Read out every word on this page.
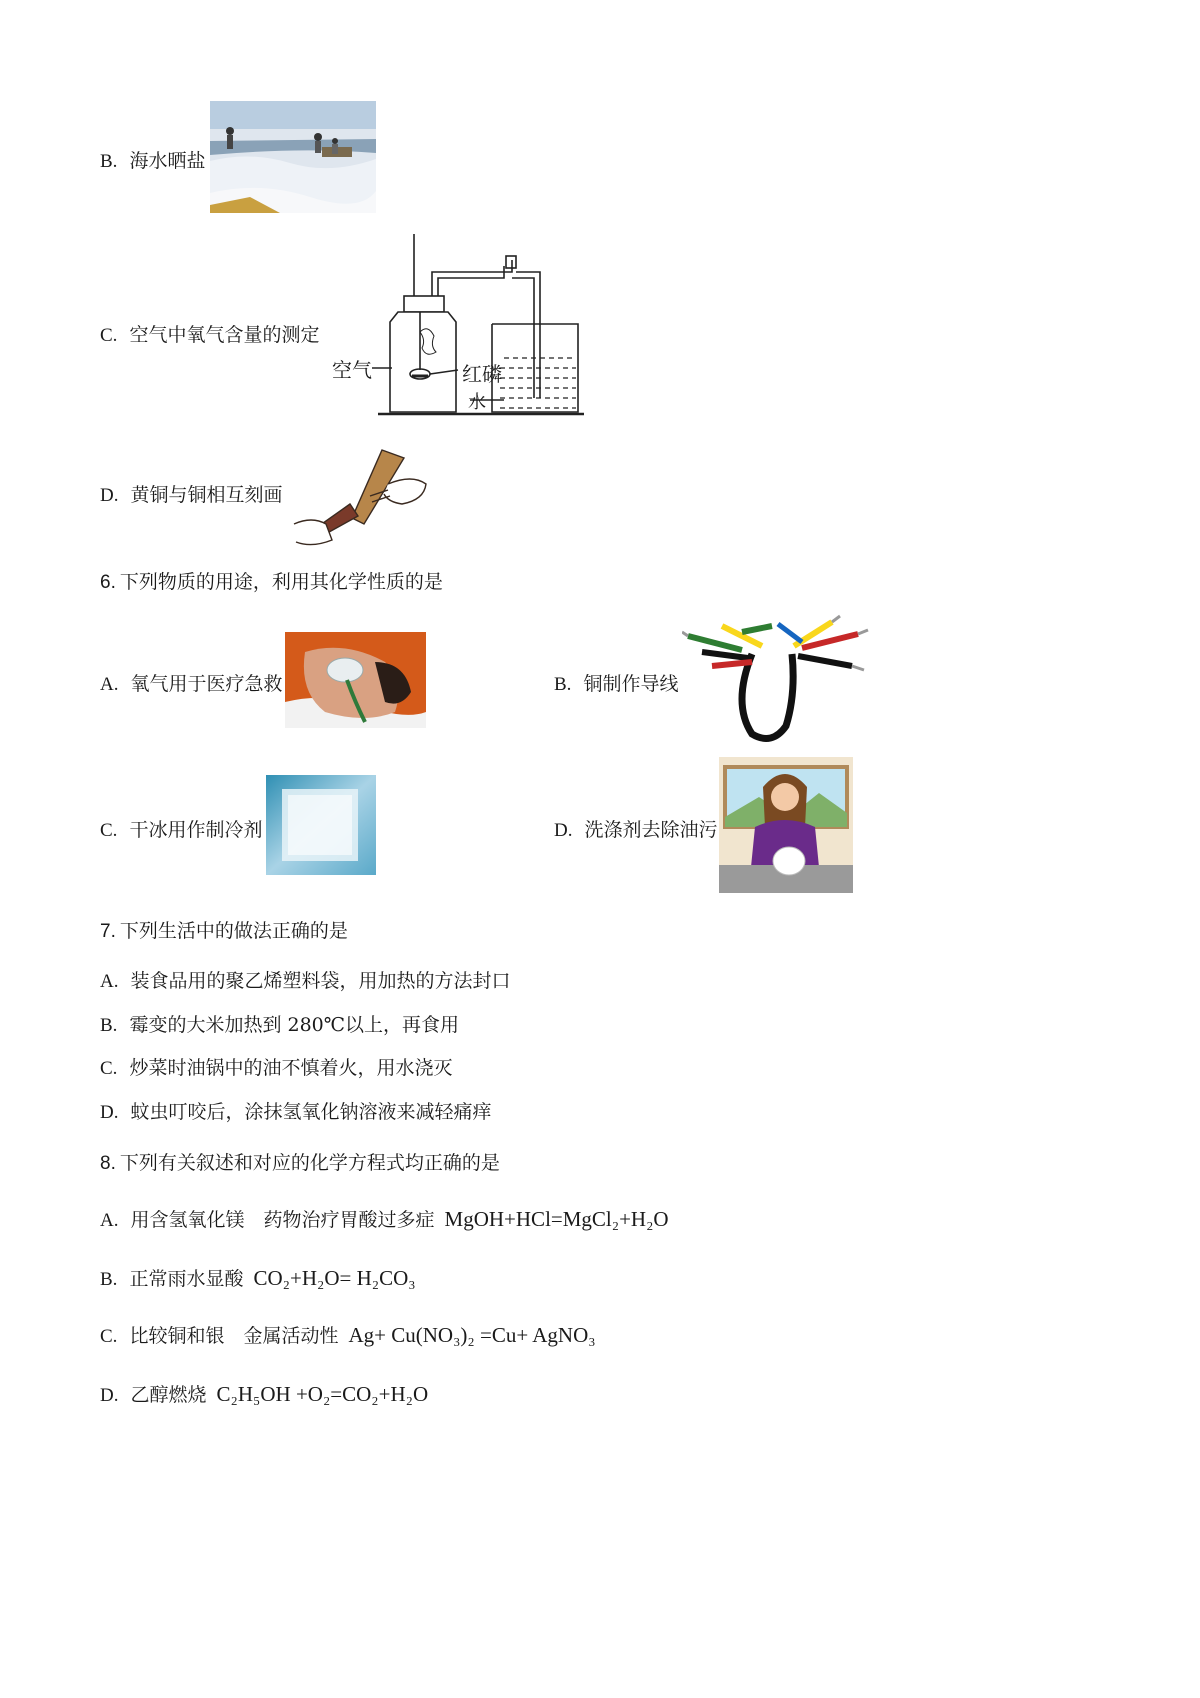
B. 海水晒盐
C. 空气中氧气含量的测定
空气	红磷
水
D. 黄铜与铜相互刻画
6. 下列物质的用途，利用其化学性质的是
A. 氧气用于医疗急救	B. 铜制作导线
C. 干冰用作制冷剂	D. 洗涤剂去除油污
7. 下列生活中的做法正确的是
A. 装食品用的聚乙烯塑料袋，用加热的方法封口
B. 霉变的大米加热到 280℃以上，再食用
C. 炒菜时油锅中的油不慎着火，用水浇灭
D. 蚊虫叮咬后，涂抹氢氧化钠溶液来减轻痛痒
8. 下列有关叙述和对应的化学方程式均正确的是
A. 用含氢氧化镁　药物治疗胃酸过多症 MgOH+HCl=MgCl₂+H₂O
B. 正常雨水显酸 CO₂+H₂O= H₂CO₃
C. 比较铜和银　金属活动性 Ag+ Cu(NO₃)₂ =Cu+ AgNO₃
D. 乙醇燃烧 C₂H₅OH +O₂=CO₂+H₂O
